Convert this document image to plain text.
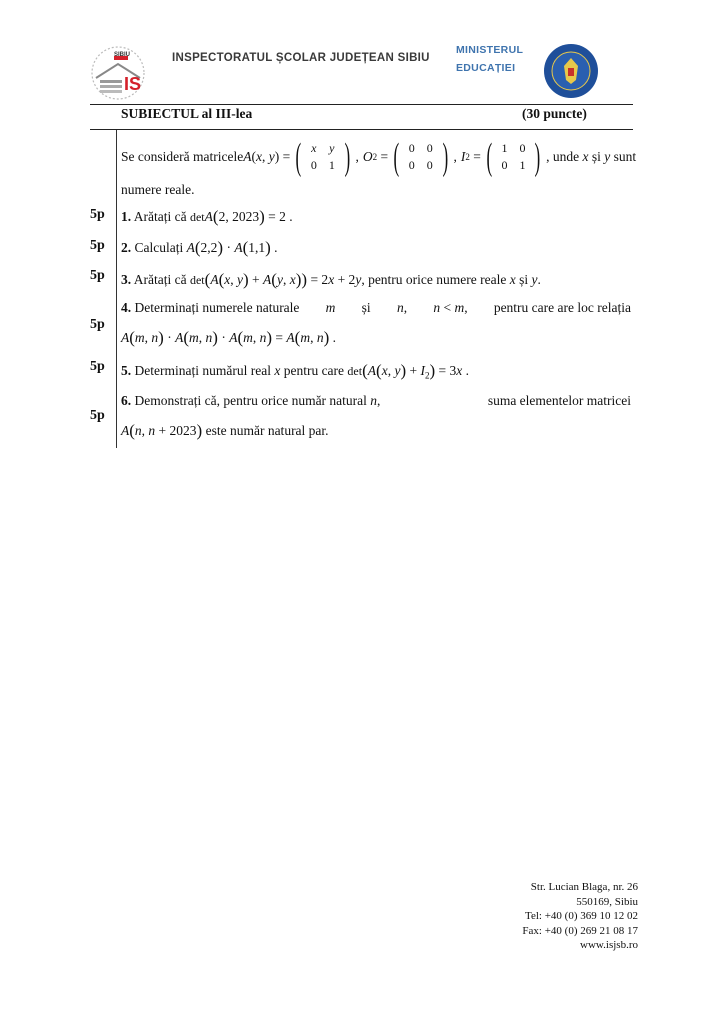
IS
SIBIU	INSPECTORATUL ȘCOLAR JUDEȚEAN SIBIU
MINISTERUL
EDUCAȚIEI
SUBIECTUL al III-lea	(30 puncte)
Se consideră matricele A ( x , y ) = ( x	y
0	1 ) , O 2 = ( 0	0
0	0 ) , I 2 = ( 1	0
0	1 ) , unde x și y sunt
numere reale.
5p 1. Arătați că detA(2, 2023) = 2 .
5p 2. Calculați A(2,2) · A(1,1) .
5p 3. Arătați că det(A(x, y) + A(y, x)) = 2x + 2y, pentru orice numere reale x și y.
5p
4. Determinați numerele naturale m și n, n < m, pentru care are loc relația
A(m, n) · A(m, n) · A(m, n) = A(m, n) .
5p 5. Determinați numărul real x pentru care det(A(x, $y) + I_2) = 3x$ .
5p
6. Demonstrați că, pentru orice număr natural n,	suma elementelor matricei
A(n, n + 2023) este număr natural par.
Str. Lucian Blaga, nr. 26
550169, Sibiu
Tel: +40 (0) 369 10 12 02
Fax: +40 (0) 269 21 08 17
www.isjsb.ro
